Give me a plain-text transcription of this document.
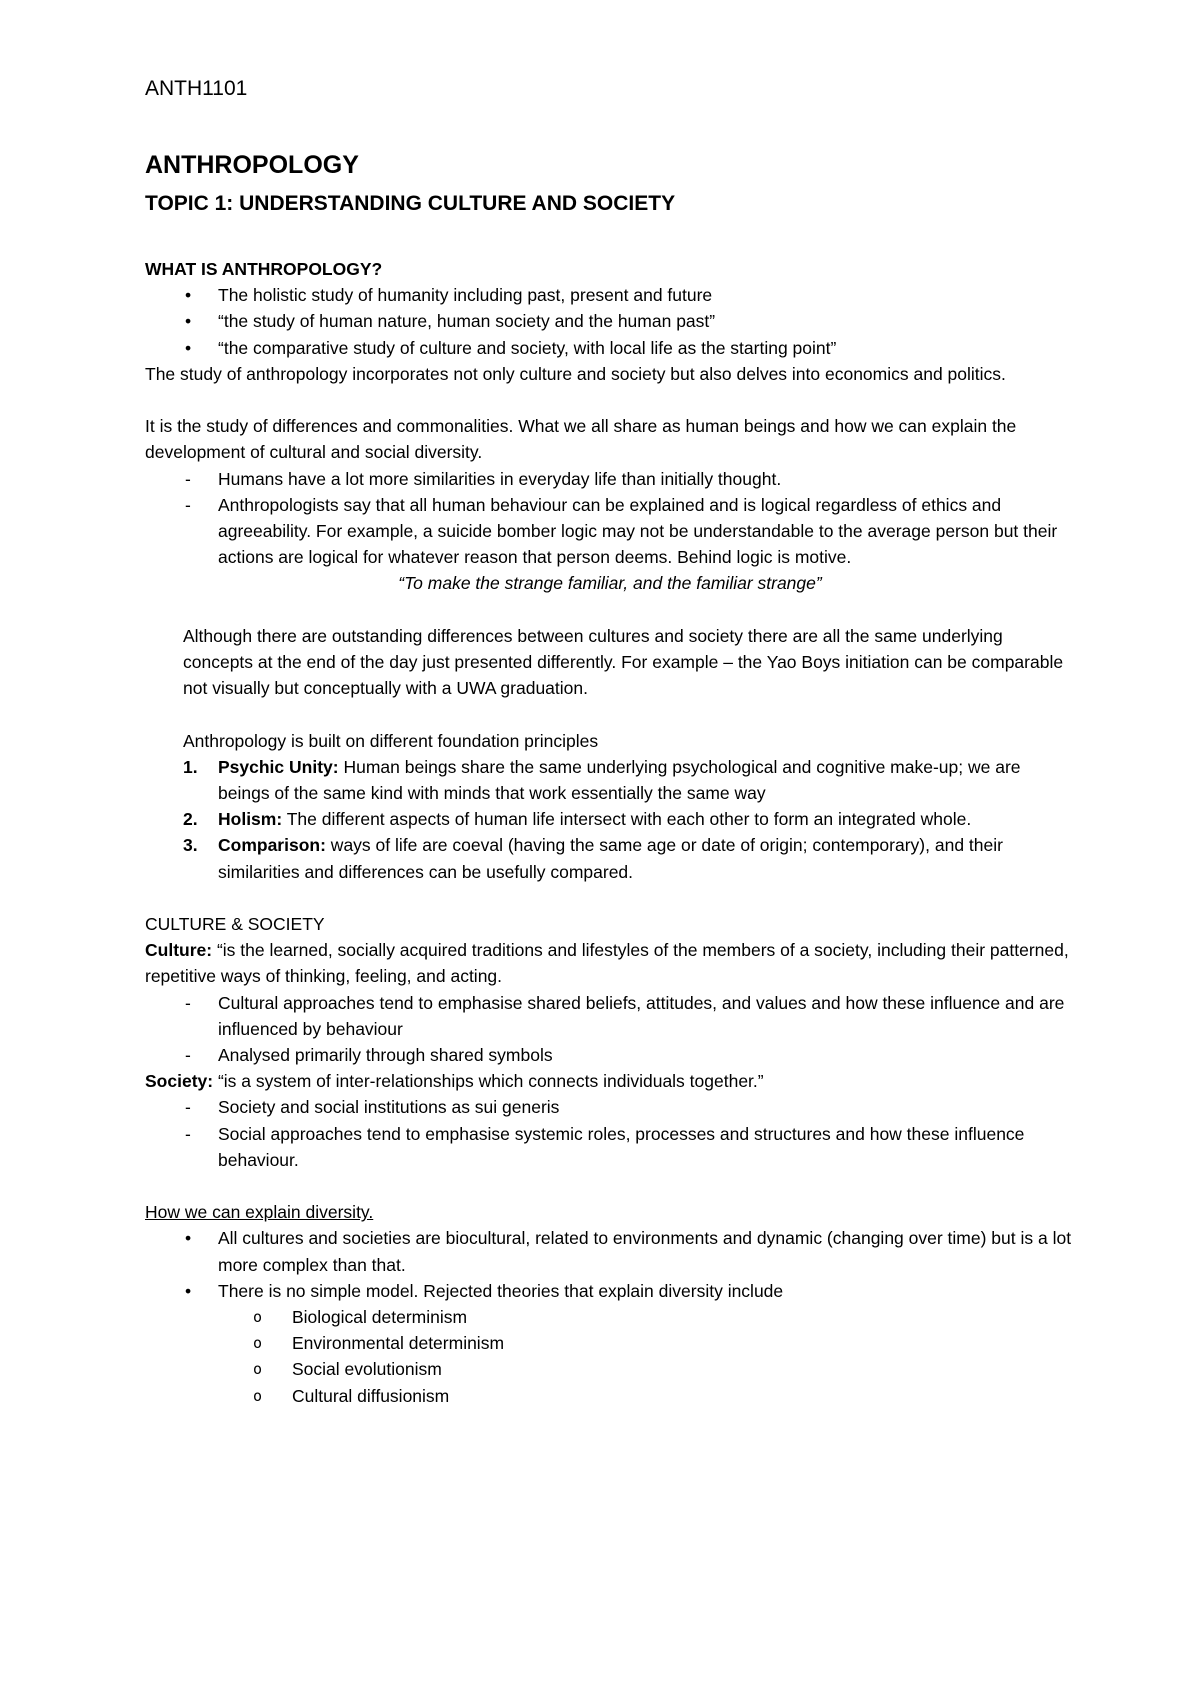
ANTH1101
ANTHROPOLOGY
TOPIC 1: UNDERSTANDING CULTURE AND SOCIETY

WHAT IS ANTHROPOLOGY?

• The holistic study of humanity including past, present and future
• “the study of human nature, human society and the human past”
• “the comparative study of culture and society, with local life as the starting point”

The study of anthropology incorporates not only culture and society but also delves into economics and politics.

It is the study of differences and commonalities. What we all share as human beings and how we can explain the development of cultural and social diversity.

- Humans have a lot more similarities in everyday life than initially thought.
- Anthropologists say that all human behaviour can be explained and is logical regardless of ethics and agreeability. For example, a suicide bomber logic may not be understandable to the average person but their actions are logical for whatever reason that person deems. Behind logic is motive.

“To make the strange familiar, and the familiar strange”

Although there are outstanding differences between cultures and society there are all the same underlying concepts at the end of the day just presented differently. For example – the Yao Boys initiation can be comparable not visually but conceptually with a UWA graduation.

Anthropology is built on different foundation principles

1. Psychic Unity: Human beings share the same underlying psychological and cognitive make-up; we are beings of the same kind with minds that work essentially the same way
2. Holism: The different aspects of human life intersect with each other to form an integrated whole.
3. Comparison: ways of life are coeval (having the same age or date of origin; contemporary), and their similarities and differences can be usefully compared.

CULTURE & SOCIETY

Culture: “is the learned, socially acquired traditions and lifestyles of the members of a society, including their patterned, repetitive ways of thinking, feeling, and acting.

- Cultural approaches tend to emphasise shared beliefs, attitudes, and values and how these influence and are influenced by behaviour
- Analysed primarily through shared symbols

Society: “is a system of inter-relationships which connects individuals together.”

- Society and social institutions as sui generis
- Social approaches tend to emphasise systemic roles, processes and structures and how these influence behaviour.

How we can explain diversity.

• All cultures and societies are biocultural, related to environments and dynamic (changing over time) but is a lot more complex than that.
• There is no simple model. Rejected theories that explain diversity include
o Biological determinism
o Environmental determinism
o Social evolutionism
o Cultural diffusionism
